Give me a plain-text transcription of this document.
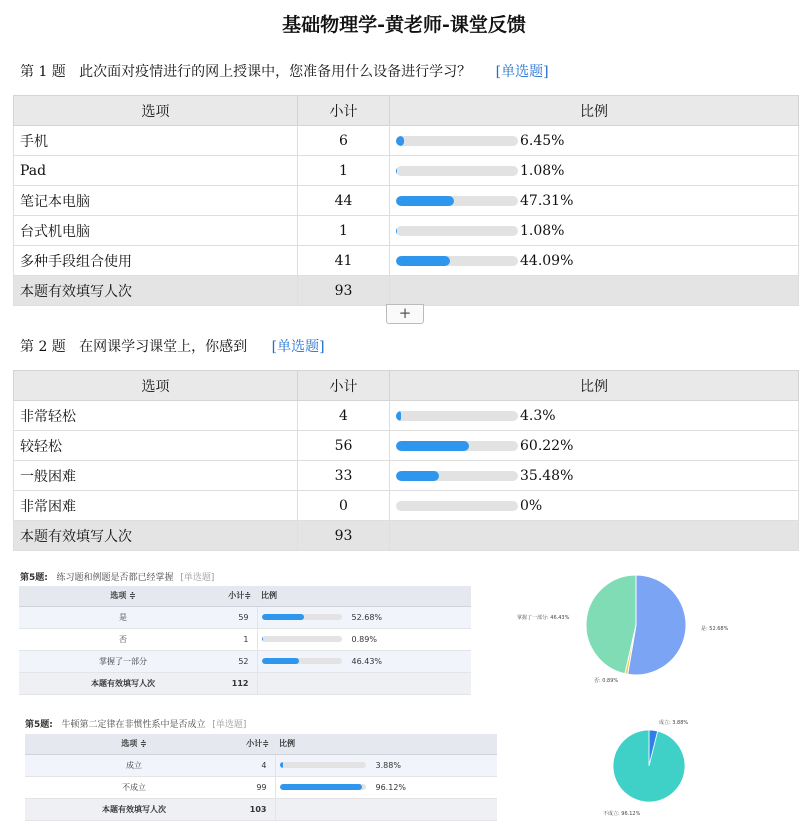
基础物理学-黄老师-课堂反馈
第 1 题 此次面对疫情进行的网上授课中，您准备用什么设备进行学习？ [单选题]
选项	小计	比例
手机	6	6.45%

Pad	1	1.08%

笔记本电脑	44	47.31%

台式机电脑	1	1.08%

多种手段组合使用	41	44.09%

本题有效填写人次	93	
+
第 2 题 在网课学习课堂上，你感到 [单选题]
选项	小计	比例
非常轻松	4	4.3%

较轻松	56	60.22%

一般困难	33	35.48%

非常困难	0	0%

本题有效填写人次	93	
第5题: 练习题和例题是否都已经掌握 [单选题]
选项 ≑	小计≑	比例
是	59	52.68%
否	1	0.89%
掌握了一部分	52	46.43%
本题有效填写人次	112	
掌握了一部分: 46.43%
是: 52.68%
否: 0.89%
第5题: 牛顿第二定律在非惯性系中是否成立 [单选题]
选项 ≑	小计≑	比例
成立	4	3.88%
不成立	99	96.12%
本题有效填写人次	103	
成立: 3.88%
不成立: 96.12%
